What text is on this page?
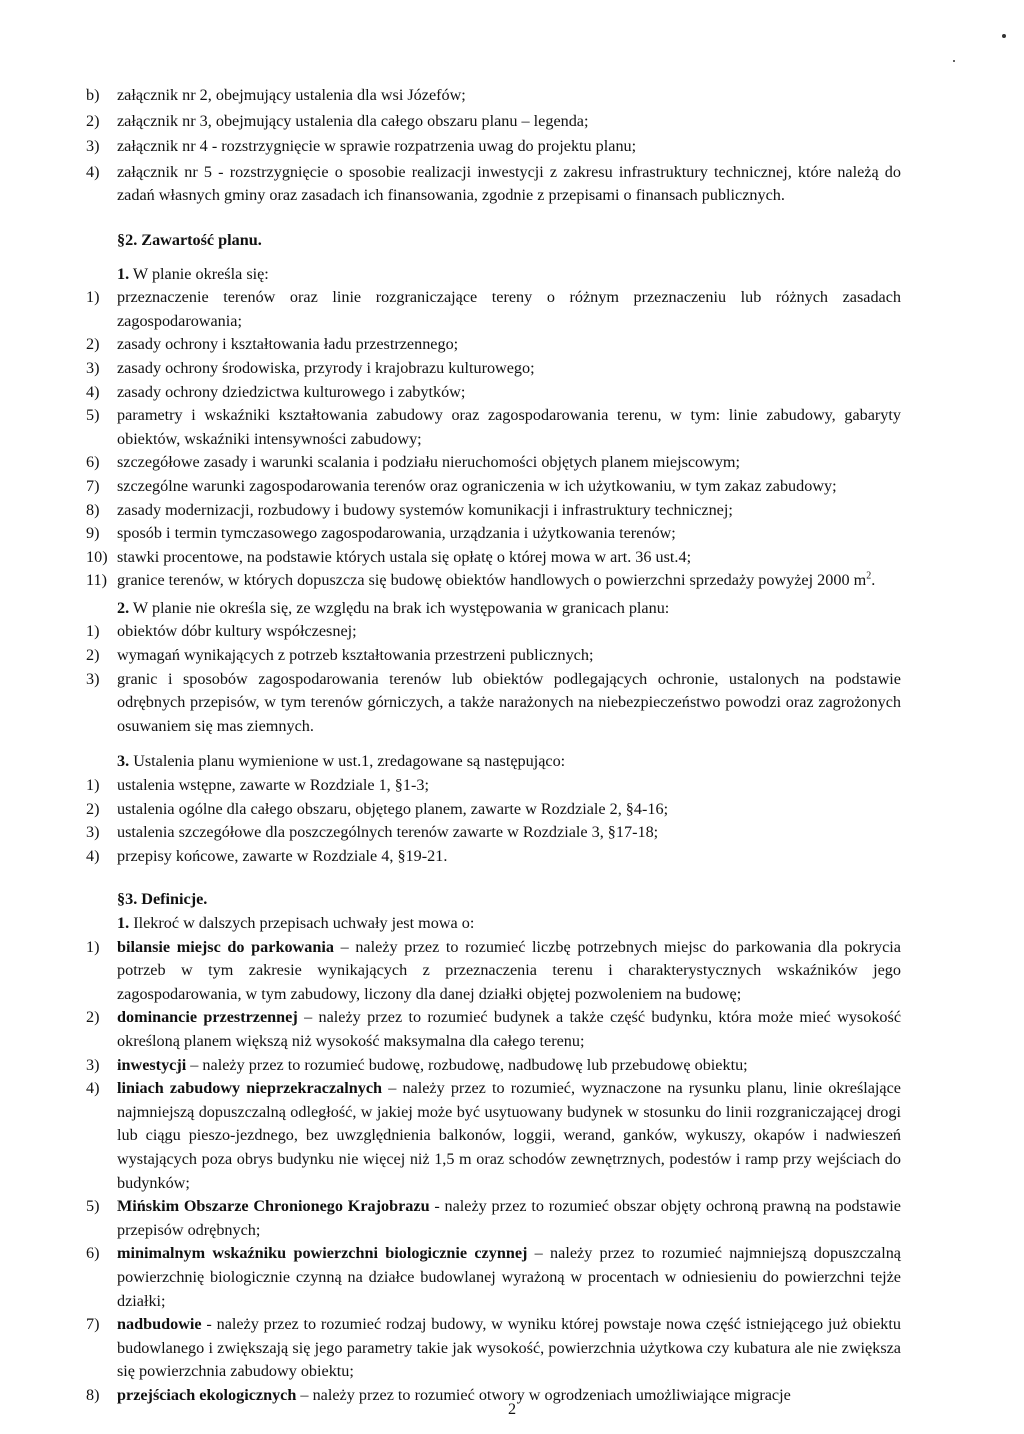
b) załącznik nr 2, obejmujący ustalenia dla wsi Józefów;
2) załącznik nr 3, obejmujący ustalenia dla całego obszaru planu – legenda;
3) załącznik nr 4 - rozstrzygnięcie w sprawie rozpatrzenia uwag do projektu planu;
4) załącznik nr 5 - rozstrzygnięcie o sposobie realizacji inwestycji z zakresu infrastruktury technicznej, które należą do zadań własnych gminy oraz zasadach ich finansowania, zgodnie z przepisami o finansach publicznych.
§2. Zawartość planu.
1. W planie określa się:
1) przeznaczenie terenów oraz linie rozgraniczające tereny o różnym przeznaczeniu lub różnych zasadach zagospodarowania;
2) zasady ochrony i kształtowania ładu przestrzennego;
3) zasady ochrony środowiska, przyrody i krajobrazu kulturowego;
4) zasady ochrony dziedzictwa kulturowego i zabytków;
5) parametry i wskaźniki kształtowania zabudowy oraz zagospodarowania terenu, w tym: linie zabudowy, gabaryty obiektów, wskaźniki intensywności zabudowy;
6) szczegółowe zasady i warunki scalania i podziału nieruchomości objętych planem miejscowym;
7) szczególne warunki zagospodarowania terenów oraz ograniczenia w ich użytkowaniu, w tym zakaz zabudowy;
8) zasady modernizacji, rozbudowy i budowy systemów komunikacji i infrastruktury technicznej;
9) sposób i termin tymczasowego zagospodarowania, urządzania i użytkowania terenów;
10) stawki procentowe, na podstawie których ustala się opłatę o której mowa w art. 36 ust.4;
11) granice terenów, w których dopuszcza się budowę obiektów handlowych o powierzchni sprzedaży powyżej 2000 $m^2$.
2. W planie nie określa się, ze względu na brak ich występowania w granicach planu:
1) obiektów dóbr kultury współczesnej;
2) wymagań wynikających z potrzeb kształtowania przestrzeni publicznych;
3) granic i sposobów zagospodarowania terenów lub obiektów podlegających ochronie, ustalonych na podstawie odrębnych przepisów, w tym terenów górniczych, a także narażonych na niebezpieczeństwo powodzi oraz zagrożonych osuwaniem się mas ziemnych.
3. Ustalenia planu wymienione w ust.1, zredagowane są następująco:
1) ustalenia wstępne, zawarte w Rozdziale 1, §1-3;
2) ustalenia ogólne dla całego obszaru, objętego planem, zawarte w Rozdziale 2, §4-16;
3) ustalenia szczegółowe dla poszczególnych terenów zawarte w Rozdziale 3, §17-18;
4) przepisy końcowe, zawarte w Rozdziale 4, §19-21.
§3. Definicje.
1. Ilekroć w dalszych przepisach uchwały jest mowa o:
1) bilansie miejsc do parkowania – należy przez to rozumieć liczbę potrzebnych miejsc do parkowania dla pokrycia potrzeb w tym zakresie wynikających z przeznaczenia terenu i charakterystycznych wskaźników jego zagospodarowania, w tym zabudowy, liczony dla danej działki objętej pozwoleniem na budowę;
2) dominancie przestrzennej – należy przez to rozumieć budynek a także część budynku, która może mieć wysokość określoną planem większą niż wysokość maksymalna dla całego terenu;
3) inwestycji – należy przez to rozumieć budowę, rozbudowę, nadbudowę lub przebudowę obiektu;
4) liniach zabudowy nieprzekraczalnych – należy przez to rozumieć, wyznaczone na rysunku planu, linie określające najmniejszą dopuszczalną odległość, w jakiej może być usytuowany budynek w stosunku do linii rozgraniczającej drogi lub ciągu pieszo-jezdnego, bez uwzględnienia balkonów, loggii, werand, ganków, wykuszy, okapów i nadwieszeń wystających poza obrys budynku nie więcej niż 1,5 m oraz schodów zewnętrznych, podestów i ramp przy wejściach do budynków;
5) Mińskim Obszarze Chronionego Krajobrazu - należy przez to rozumieć obszar objęty ochroną prawną na podstawie przepisów odrębnych;
6) minimalnym wskaźniku powierzchni biologicznie czynnej – należy przez to rozumieć najmniejszą dopuszczalną powierzchnię biologicznie czynną na działce budowlanej wyrażoną w procentach w odniesieniu do powierzchni tejże działki;
7) nadbudowie - należy przez to rozumieć rodzaj budowy, w wyniku której powstaje nowa część istniejącego już obiektu budowlanego i zwiększają się jego parametry takie jak wysokość, powierzchnia użytkowa czy kubatura ale nie zwiększa się powierzchnia zabudowy obiektu;
8) przejściach ekologicznych – należy przez to rozumieć otwory w ogrodzeniach umożliwiające migracje
2
